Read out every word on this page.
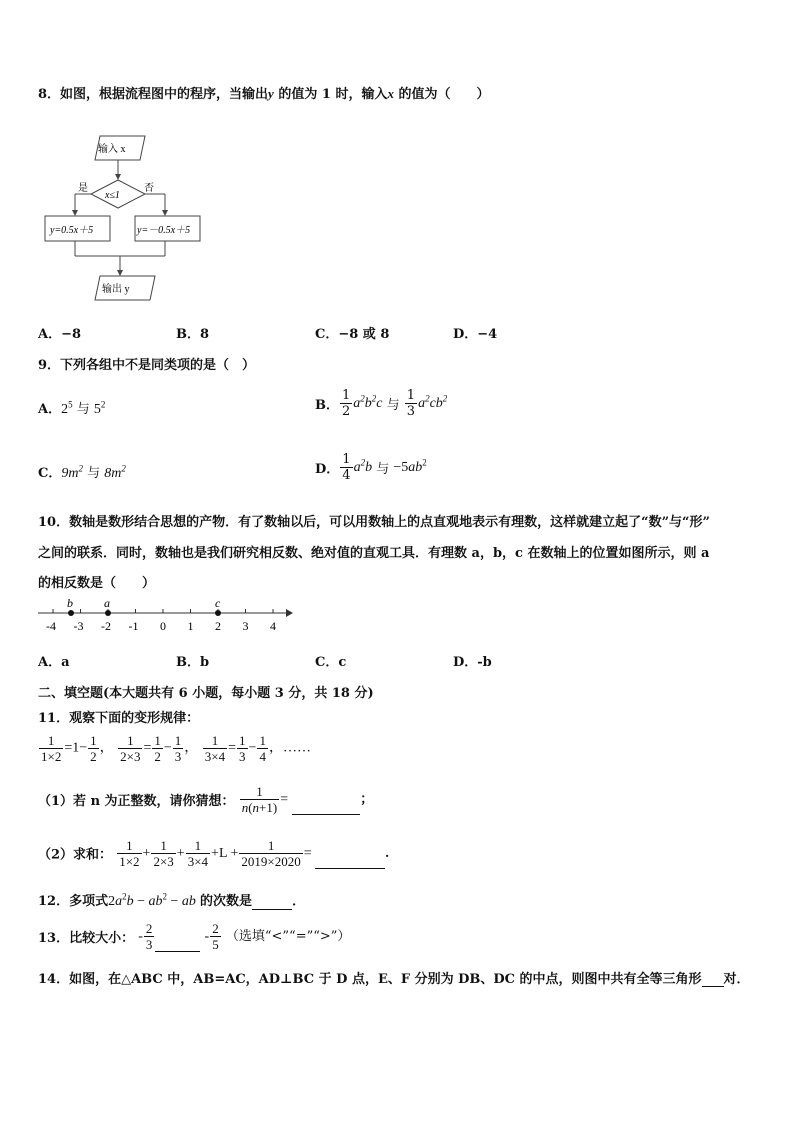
8．如图，根据流程图中的程序，当输出y 的值为 1 时，输入x 的值为（　　）
输入 x
x≤1
是	否
y=0.5x＋5	y=－0.5x＋5
输出 y
A．−8	B．8	C．−8 或 8	D．−4
9．下列各组中不是同类项的是（　）
A．$2^5$ 与 $5^2$	B． $\frac{1}{2} a^2b^2c$ 与 $\frac{1}{3} a^2cb^2$
C．$9m^2$ 与 $8m^2$	D． $\frac{1}{4} a^2b$ 与 $-5ab^2$
10．数轴是数形结合思想的产物．有了数轴以后，可以用数轴上的点直观地表示有理数，这样就建立起了“数”与“形”
之间的联系．同时，数轴也是我们研究相反数、绝对值的直观工具．有理数 a，b，c 在数轴上的位置如图所示，则 a
的相反数是（　　）
-4 -3 -2 -1 0 1 2 3 4
b	a	c
A．a	B．b	C．c	D．-b
二、填空题(本大题共有 6 小题，每小题 3 分，共 18 分)
11．观察下面的变形规律：
$\frac{1}{1\times 2} =1- \frac{1}{2}$ ， $\frac{1}{2\times 3} = \frac{1}{2} - \frac{1}{3}$ ， $\frac{1}{3\times 4} = \frac{1}{3} - \frac{1}{4}$ ，……
（1）若 n 为正整数，请你猜想： $\frac{1}{n(n+1)}$ =	；
（2）求和： $\frac{1}{1\times 2} + \frac{1}{2\times 3} + \frac{1}{3\times 4} +L + \frac{1}{2019\times 2020}$ =	．
12．多项式$2a^2b - ab^2$ − ab 的次数是	．
13．比较大小： - $\frac{2}{3}$	- $\frac{2}{5}$ （选填“<”“=”“>”）
14．如图，在△ABC 中，AB=AC，AD⊥BC 于 D 点，E、F 分别为 DB、DC 的中点，则图中共有全等三角形 对．
